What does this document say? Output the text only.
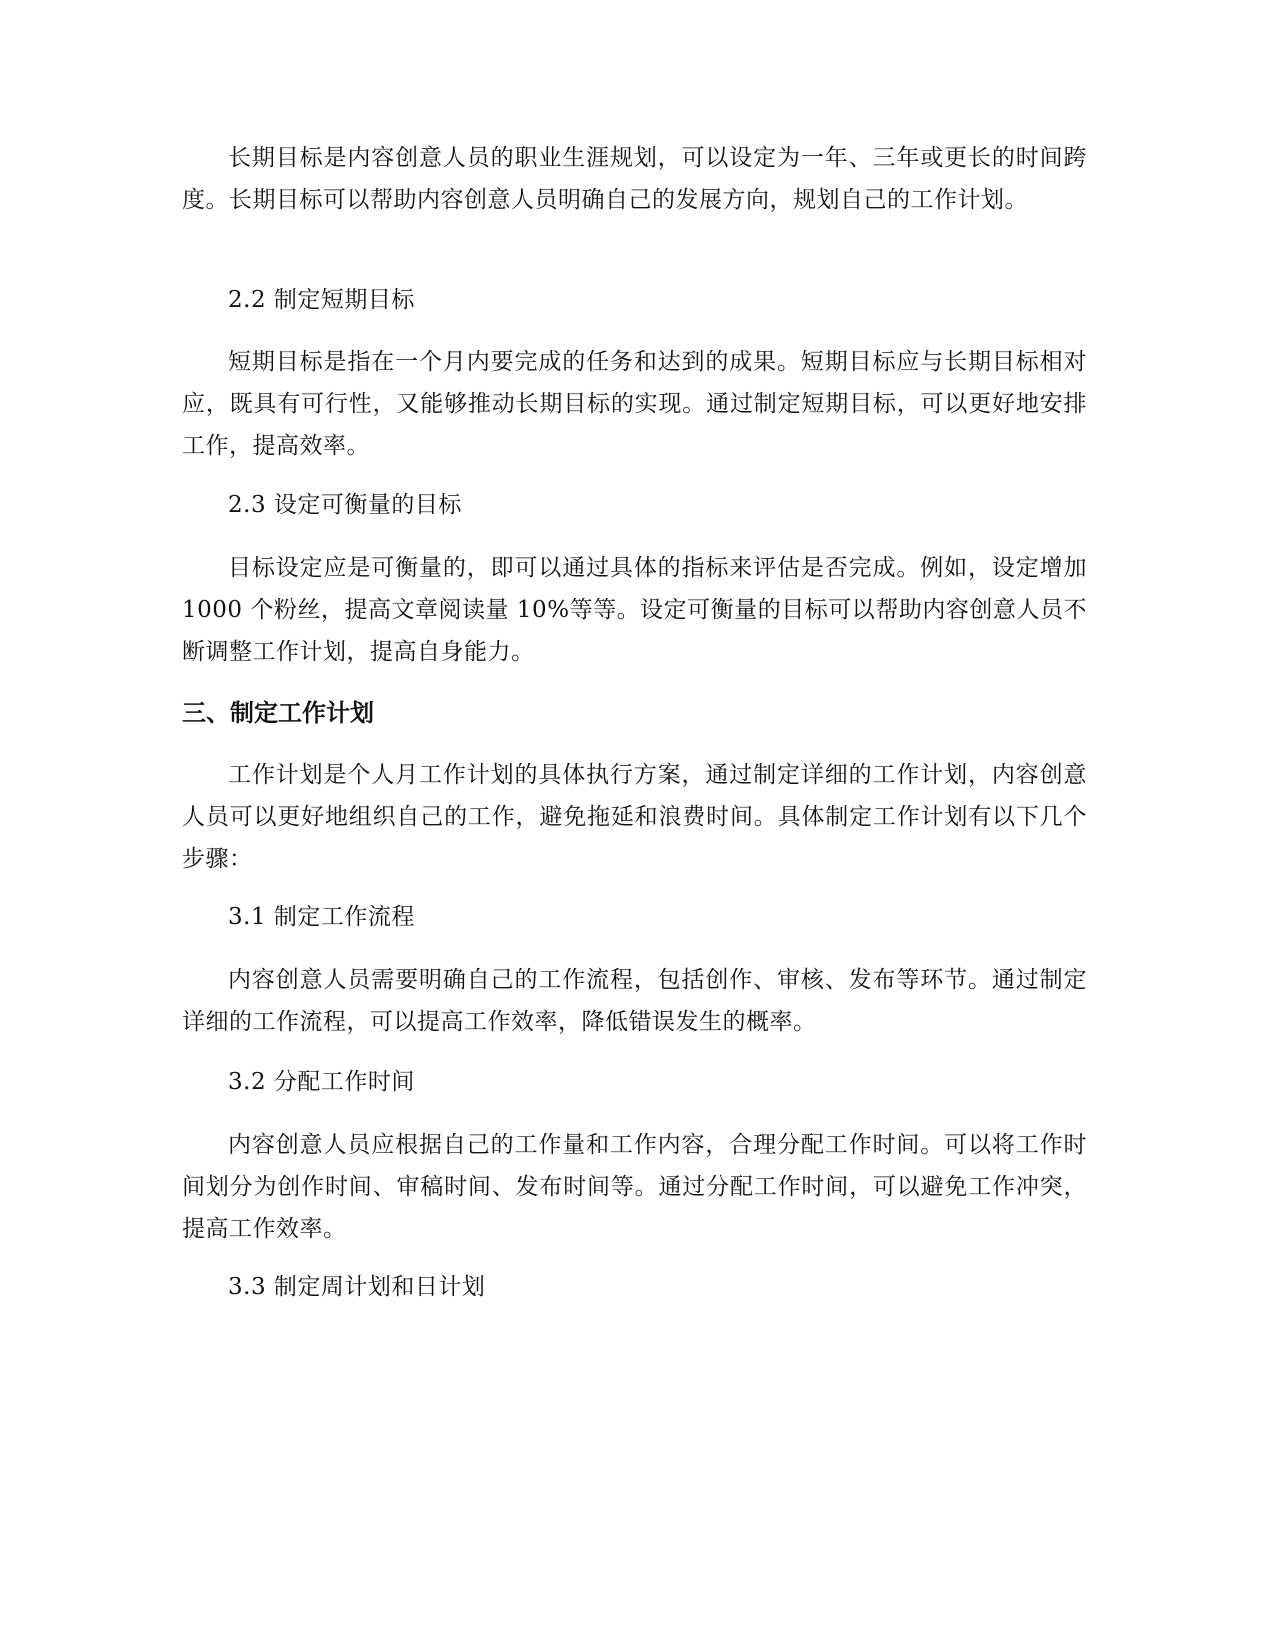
长期目标是内容创意人员的职业生涯规划，可以设定为一年、三年或更长的时间跨度。长期目标可以帮助内容创意人员明确自己的发展方向，规划自己的工作计划。

2.2 制定短期目标

短期目标是指在一个月内要完成的任务和达到的成果。短期目标应与长期目标相对应，既具有可行性，又能够推动长期目标的实现。通过制定短期目标，可以更好地安排工作，提高效率。

2.3 设定可衡量的目标

目标设定应是可衡量的，即可以通过具体的指标来评估是否完成。例如，设定增加 1000 个粉丝，提高文章阅读量 10%等等。设定可衡量的目标可以帮助内容创意人员不断调整工作计划，提高自身能力。

三、制定工作计划

工作计划是个人月工作计划的具体执行方案，通过制定详细的工作计划，内容创意人员可以更好地组织自己的工作，避免拖延和浪费时间。具体制定工作计划有以下几个步骤：

3.1 制定工作流程

内容创意人员需要明确自己的工作流程，包括创作、审核、发布等环节。通过制定详细的工作流程，可以提高工作效率，降低错误发生的概率。

3.2 分配工作时间

内容创意人员应根据自己的工作量和工作内容，合理分配工作时间。可以将工作时间划分为创作时间、审稿时间、发布时间等。通过分配工作时间，可以避免工作冲突，提高工作效率。

3.3 制定周计划和日计划
